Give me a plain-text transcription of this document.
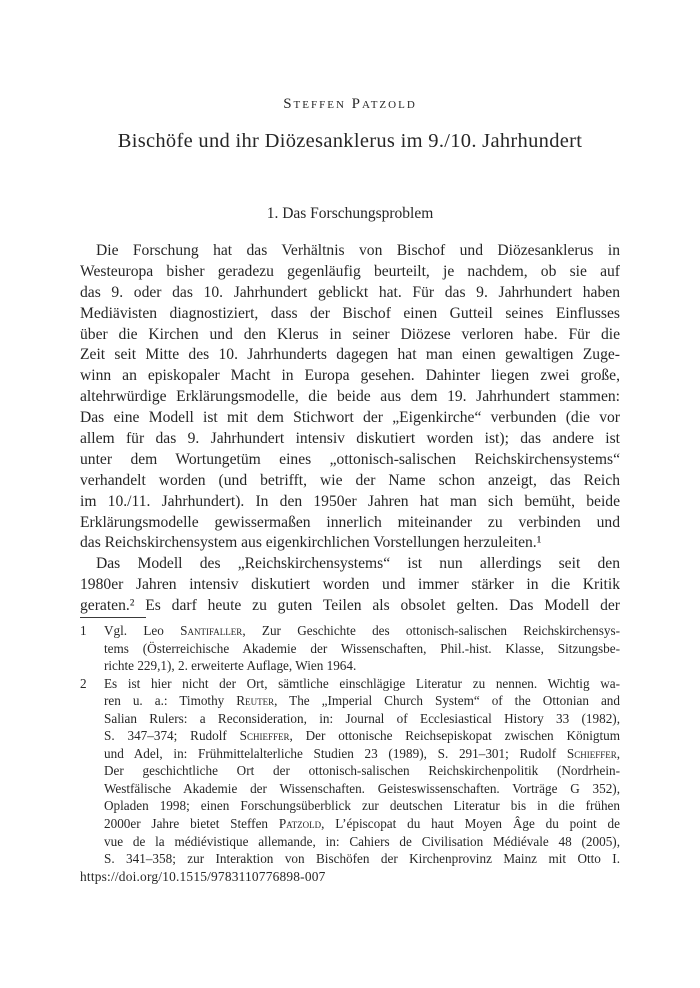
Steffen Patzold
Bischöfe und ihr Diözesanklerus im 9./10. Jahrhundert
1. Das Forschungsproblem
Die Forschung hat das Verhältnis von Bischof und Diözesanklerus in
Westeuropa bisher geradezu gegenläufig beurteilt, je nachdem, ob sie auf
das 9. oder das 10. Jahrhundert geblickt hat. Für das 9. Jahrhundert haben
Mediävisten diagnostiziert, dass der Bischof einen Gutteil seines Einflusses
über die Kirchen und den Klerus in seiner Diözese verloren habe. Für die
Zeit seit Mitte des 10. Jahrhunderts dagegen hat man einen gewaltigen Zuge-
winn an episkopaler Macht in Europa gesehen. Dahinter liegen zwei große,
altehrwürdige Erklärungsmodelle, die beide aus dem 19. Jahrhundert stammen:
Das eine Modell ist mit dem Stichwort der „Eigenkirche“ verbunden (die vor
allem für das 9. Jahrhundert intensiv diskutiert worden ist); das andere ist
unter dem Wortungetüm eines „ottonisch-salischen Reichskirchensystems“
verhandelt worden (und betrifft, wie der Name schon anzeigt, das Reich
im 10./11. Jahrhundert). In den 1950er Jahren hat man sich bemüht, beide
Erklärungsmodelle gewissermaßen innerlich miteinander zu verbinden und
das Reichskirchensystem aus eigenkirchlichen Vorstellungen herzuleiten.¹
Das Modell des „Reichskirchensystems“ ist nun allerdings seit den
1980er Jahren intensiv diskutiert worden und immer stärker in die Kritik
geraten.² Es darf heute zu guten Teilen als obsolet gelten. Das Modell der
1	Vgl. Leo Santifaller, Zur Geschichte des ottonisch-salischen Reichskirchensys-
tems (Österreichische Akademie der Wissenschaften, Phil.-hist. Klasse, Sitzungsbe-
richte 229,1), 2. erweiterte Auflage, Wien 1964.
2	Es ist hier nicht der Ort, sämtliche einschlägige Literatur zu nennen. Wichtig wa-
ren u. a.: Timothy Reuter, The „Imperial Church System“ of the Ottonian and
Salian Rulers: a Reconsideration, in: Journal of Ecclesiastical History 33 (1982),
S. 347–374; Rudolf Schieffer, Der ottonische Reichsepiskopat zwischen Königtum
und Adel, in: Frühmittelalterliche Studien 23 (1989), S. 291–301; Rudolf Schieffer,
Der geschichtliche Ort der ottonisch-salischen Reichskirchenpolitik (Nordrhein-
Westfälische Akademie der Wissenschaften. Geisteswissenschaften. Vorträge G 352),
Opladen 1998; einen Forschungsüberblick zur deutschen Literatur bis in die frühen
2000er Jahre bietet Steffen Patzold, L’épiscopat du haut Moyen Âge du point de
vue de la médiévistique allemande, in: Cahiers de Civilisation Médiévale 48 (2005),
S. 341–358; zur Interaktion von Bischöfen der Kirchenprovinz Mainz mit Otto I.
https://doi.org/10.1515/9783110776898-007
